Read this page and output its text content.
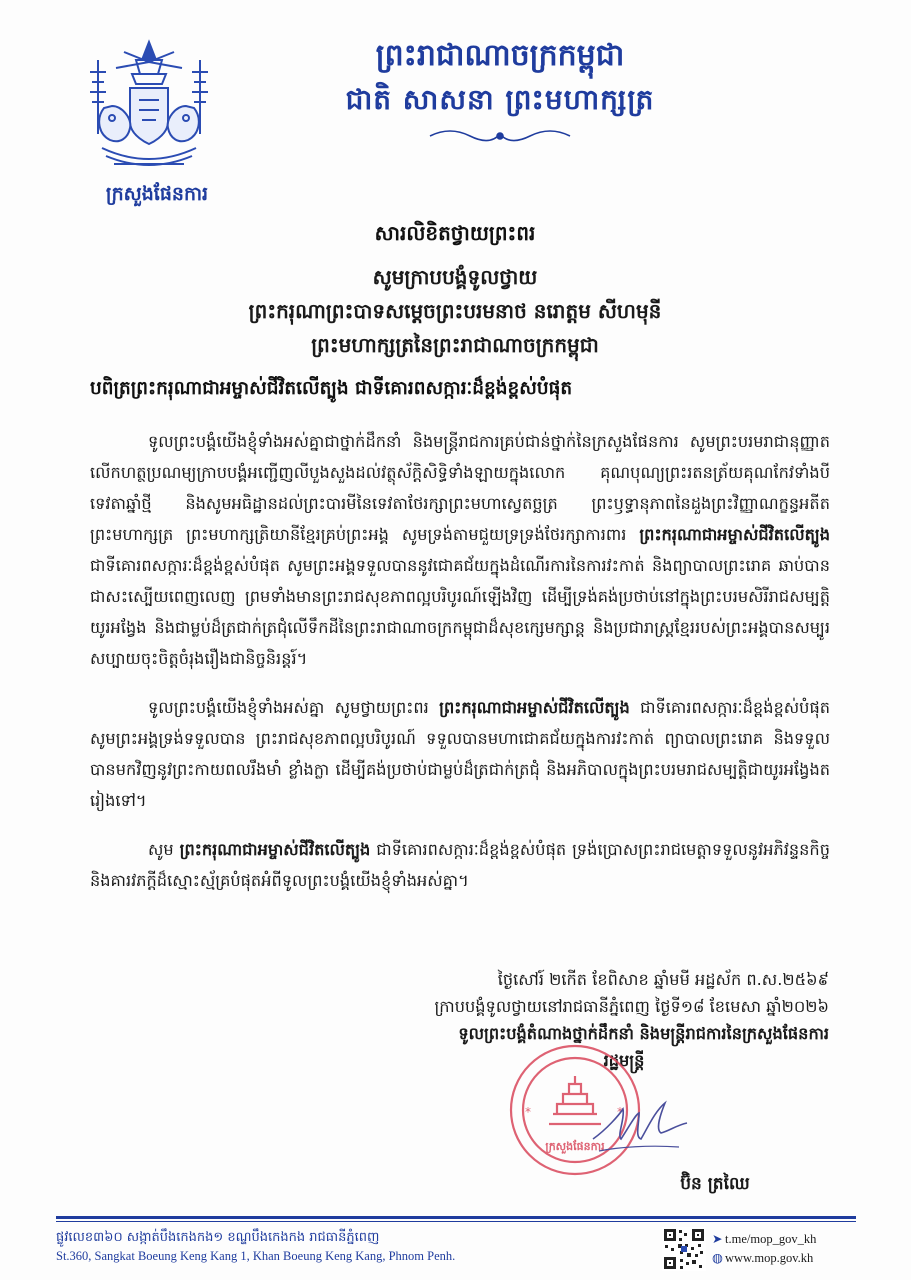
ក្រសួងផែនការ
ព្រះរាជាណាចក្រកម្ពុជា
ជាតិ សាសនា ព្រះមហាក្សត្រ
សារលិខិតថ្វាយព្រះពរ
សូមក្រាបបង្គំទូលថ្វាយ
ព្រះករុណាព្រះបាទសម្ដេចព្រះបរមនាថ នរោត្ដម សីហមុនី
ព្រះមហាក្សត្រនៃព្រះរាជាណាចក្រកម្ពុជា
បពិត្រព្រះករុណាជាអម្ចាស់ជីវិតលើត្បូង ជាទីគោរពសក្ការៈដ៏ខ្ពង់ខ្ពស់បំផុត

ទូលព្រះបង្គំយើងខ្ញុំទាំងអស់គ្នាជាថ្នាក់ដឹកនាំ និងមន្ត្រីរាជការគ្រប់ជាន់ថ្នាក់នៃក្រសួងផែនការ សូមព្រះបរមរាជានុញ្ញាតលើកហត្ថប្រណម្យក្រាបបង្គំអញ្ជើញលីបួងសួងដល់វត្ថុស័ក្តិសិទ្ធិទាំងឡាយក្នុងលោក គុណបុណ្យព្រះរតនត្រ័យគុណកែវទាំងបី ទេវតាឆ្នាំថ្មី និងសូមអធិដ្ឋានដល់ព្រះបារមីនៃទេវតាថែរក្សាព្រះមហាស្វេតច្ឆត្រ ព្រះឫទ្ធានុភាពនៃដួងព្រះវិញ្ញាណក្ខន្ធអតីតព្រះមហាក្សត្រ ព្រះមហាក្សត្រិយានីខ្មែរគ្រប់ព្រះអង្គ សូមទ្រង់តាមជួយទ្រទ្រង់ថែរក្សាការពារ ព្រះករុណាជាអម្ចាស់ជីវិតលើត្បូង ជាទីគោរពសក្ការៈដ៏ខ្ពង់ខ្ពស់បំផុត សូមព្រះអង្គទទួលបាននូវជោគជ័យក្នុងដំណើរការនៃការវះកាត់ និងព្យាបាលព្រះរោគ ឆាប់បានជាសះស្បើយពេញលេញ ព្រមទាំងមានព្រះរាជសុខភាពល្អបរិបូរណ៍ឡើងវិញ ដើម្បីទ្រង់គង់ប្រថាប់នៅក្នុងព្រះបរមសិរីរាជសម្បត្តិយូរអង្វែង និងជាម្លប់ដ៏ត្រជាក់ត្រជុំលើទឹកដីនៃព្រះរាជាណាចក្រកម្ពុជាដ៏សុខក្សេមក្សាន្ត និងប្រជារាស្ត្រខ្មែររបស់ព្រះអង្គបានសម្បូរសប្បាយចុះចិត្តចំរុងរឿងជានិច្ចនិរន្តរ៍។

ទូលព្រះបង្គំយើងខ្ញុំទាំងអស់គ្នា សូមថ្វាយព្រះពរ ព្រះករុណាជាអម្ចាស់ជីវិតលើត្បូង ជាទីគោរពសក្ការៈដ៏ខ្ពង់ខ្ពស់បំផុត សូមព្រះអង្គទ្រង់ទទួលបាន ព្រះរាជសុខភាពល្អបរិបូរណ៍ ទទួលបានមហាជោគជ័យក្នុងការវះកាត់ ព្យាបាលព្រះរោគ និងទទួលបានមកវិញនូវព្រះកាយពលរឹងមាំ ខ្លាំងក្លា ដើម្បីគង់ប្រថាប់ជាម្លប់ដ៏ត្រជាក់ត្រជុំ និងអភិបាលក្នុងព្រះបរមរាជសម្បត្តិជាយូរអង្វែងតរៀងទៅ។

សូម ព្រះករុណាជាអម្ចាស់ជីវិតលើត្បូង ជាទីគោរពសក្ការៈដ៏ខ្ពង់ខ្ពស់បំផុត ទ្រង់ប្រោសព្រះរាជមេត្តាទទួលនូវអភិវន្ទនកិច្ច និងគារវភក្តីដ៏ស្មោះស្ម័គ្របំផុតអំពីទូលព្រះបង្គំយើងខ្ញុំទាំងអស់គ្នា។

ថ្ងៃសៅរ៍ ២កើត ខែពិសាខ ឆ្នាំមមី អដ្ឋស័ក ព.ស.២៥៦៩
ក្រាបបង្គំទូលថ្វាយនៅរាជធានីភ្នំពេញ ថ្ងៃទី១៨ ខែមេសា ឆ្នាំ២០២៦
ទូលព្រះបង្គំតំណាងថ្នាក់ដឹកនាំ និងមន្ត្រីរាជការនៃក្រសួងផែនការ
រដ្ឋមន្ត្រី
*	*
ក្រសួងផែនការ
ប៊ិន ត្រឈៃ
ផ្លូវលេខ៣៦០ សង្កាត់បឹងកេងកង១ ខណ្ឌបឹងកេងកង រាជធានីភ្នំពេញ
St.360, Sangkat Boeung Keng Kang 1, Khan Boeung Keng Kang, Phnom Penh.
➤ t.me/mop_gov_kh
◍ www.mop.gov.kh
